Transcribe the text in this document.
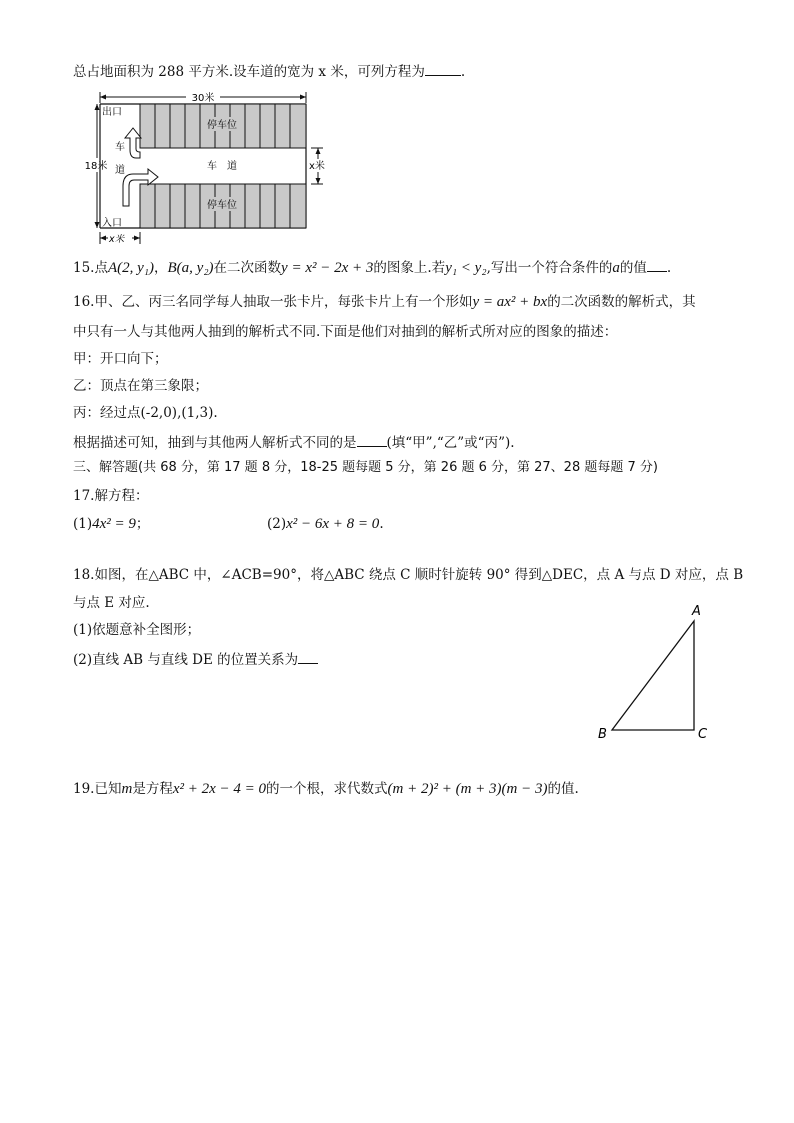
总占地面积为 288 平方米.设车道的宽为 x 米，可列方程为	.
30米
18米
停车位
停车位
出口
入口
车
道	车　道	x米
x米
15.点A(2, y₁)，B(a, y₂)在二次函数y = x² − 2x + 3的图象上.若y₁ < y₂,写出一个符合条件的a的值 .
16.甲、乙、丙三名同学每人抽取一张卡片，每张卡片上有一个形如y = ax² + bx的二次函数的解析式，其
中只有一人与其他两人抽到的解析式不同.下面是他们对抽到的解析式所对应的图象的描述：
甲：开口向下；
乙：顶点在第三象限；
丙：经过点(-2,0),(1,3).
根据描述可知，抽到与其他两人解析式不同的是 (填“甲”,“乙”或“丙”).
三、解答题(共 68 分，第 17 题 8 分，18-25 题每题 5 分，第 26 题 6 分，第 27、28 题每题 7 分)
17.解方程：
(1)4x² = 9；	(2)x² − 6x + 8 = 0.
18.如图，在△ABC 中，∠ACB=90°，将△ABC 绕点 C 顺时针旋转 90° 得到△DEC，点 A 与点 D 对应，点 B
与点 E 对应.
(1)依题意补全图形；
(2)直线 AB 与直线 DE 的位置关系为
A
B	C
19.已知m是方程x² + 2x − 4 = 0的一个根，求代数式(m + 2)² + (m + 3)(m − 3)的值.
